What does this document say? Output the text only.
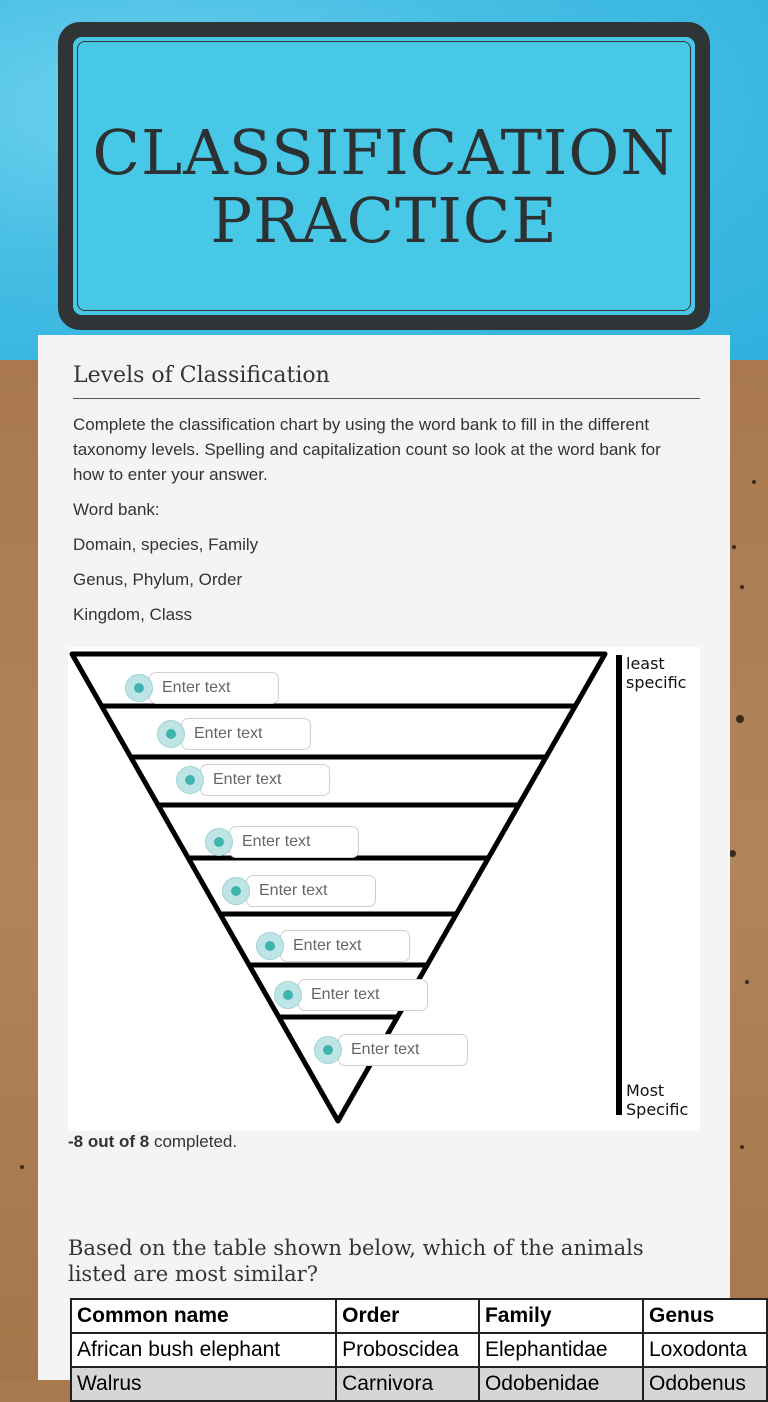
CLASSIFICATION PRACTICE
Levels of Classification
Complete the classification chart by using the word bank to fill in the different taxonomy levels. Spelling and capitalization count so look at the word bank for how to enter your answer.
Word bank:
Domain, species, Family
Genus, Phylum, Order
Kingdom, Class
least specific
Most Specific
Enter text
Enter text
Enter text
Enter text
Enter text
Enter text
Enter text
Enter text
-8 out of 8 completed.
Based on the table shown below, which of the animals listed are most similar?
Common name	Order	Family	Genus
African bush elephant	Proboscidea	Elephantidae	Loxodonta
Walrus	Carnivora	Odobenidae	Odobenus
